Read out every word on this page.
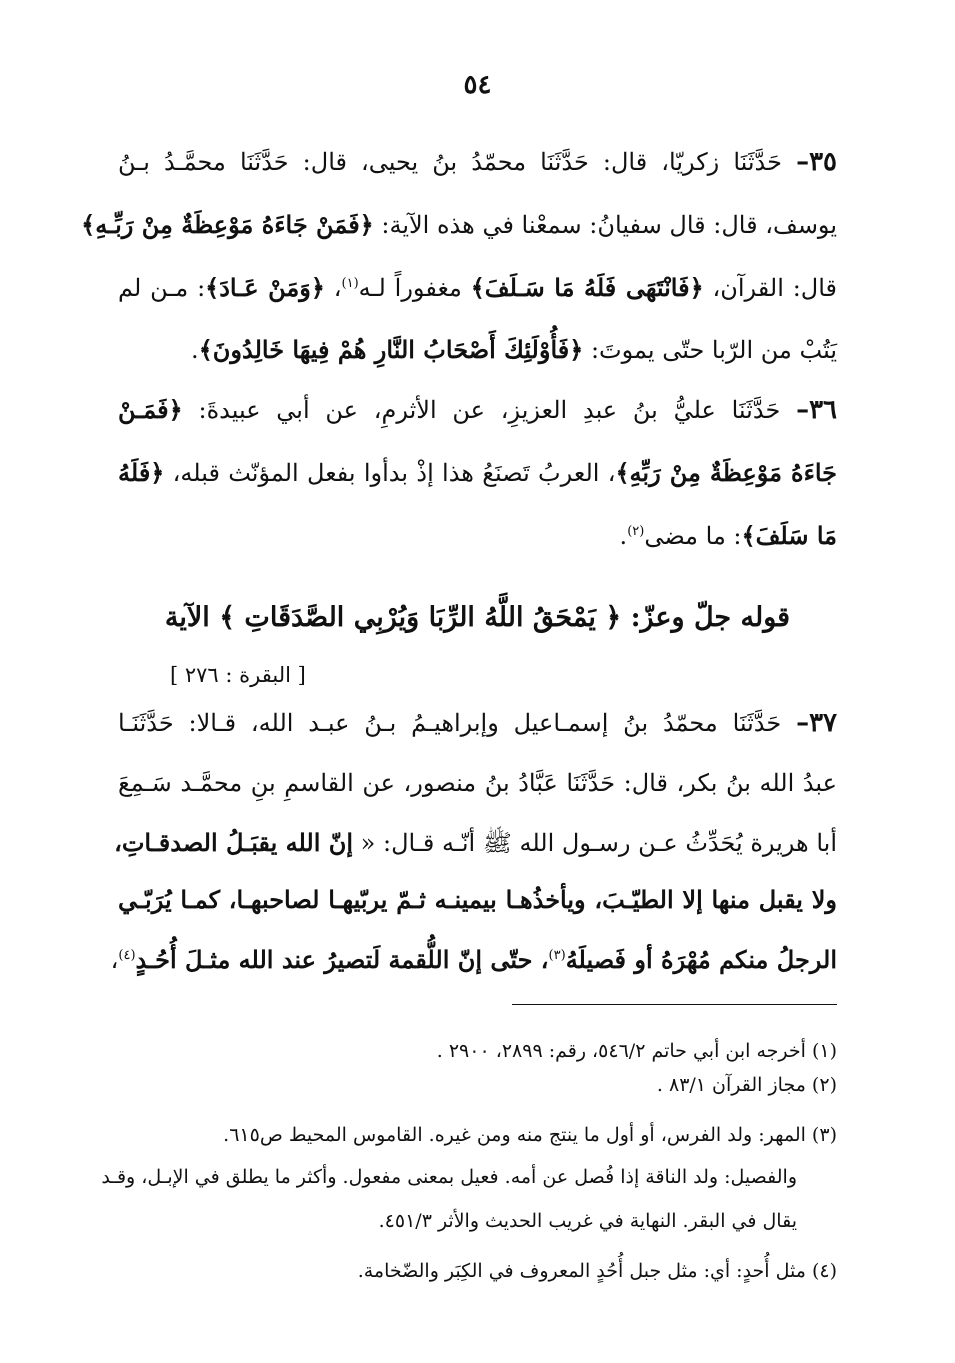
٥٤
٣٥– حَدَّثَنَا زكريّا، قال: حَدَّثَنَا محمّدُ بنُ يحيى، قال: حَدَّثَنَا محمَّـدُ بـنُ
يوسف، قال: قال سفيانُ: سمعْنا في هذه الآية: ﴿فَمَنْ جَاءَهُ مَوْعِظَةٌ مِنْ رَبِّـهِ﴾
قال: القرآن، ﴿فَانْتَهَى فَلَهُ مَا سَـلَفَ﴾ مغفوراً لـه$^{(١)}$، ﴿وَمَنْ عَـادَ﴾: مـن لم
يَتُبْ من الرّبا حتّى يموتَ: ﴿فَأُوْلَئِكَ أَصْحَابُ النَّارِ هُمْ فِيهَا خَالِدُونَ﴾.
٣٦– حَدَّثَنَا عليُّ بنُ عبدِ العزيزِ، عن الأثرمِ، عن أبي عبيدةَ: ﴿فَمَـنْ
جَاءَهُ مَوْعِظَةٌ مِنْ رَبِّهِ﴾، العربُ تَصنَعُ هذا إذْ بدأوا بفعل المؤنّث قبله، ﴿فَلَهُ
مَا سَلَفَ﴾: ما مضى$^{(٢)}$.
قوله جلّ وعزّ: ﴿ يَمْحَقُ اللَّهُ الرِّبَا وَيُرْبِي الصَّدَقَاتِ ﴾ الآية
[ البقرة : ٢٧٦ ]
٣٧– حَدَّثَنَا محمّدُ بنُ إسمـاعيل وإبراهيـمُ بـنُ عبـد الله، قـالا: حَدَّثَنَـا
عبدُ الله بنُ بكر، قال: حَدَّثَنَا عَبَّادُ بنُ منصور، عن القاسمِ بنِ محمَّـد سَـمِعَ
أبا هريرة يُحَدِّثُ عـن رسـول الله ﷺ أنّـه قـال: « إنّ الله يقبَـلُ الصدقـاتِ،
ولا يقبل منها إلا الطيّـبَ، ويأخذُهـا بيمينـه ثـمّ يربّيهـا لصاحبهـا، كمـا يُرَبّـي
الرجلُ منكم مُهْرَهُ أو فَصيلَهُ$^{(٣)}$، حتّى إنّ اللُّقمة لَتصيرُ عند الله مثـلَ أُحُـدٍ$^{(٤)}$،
(١) أخرجه ابن أبي حاتم ٥٤٦/٢، رقم: ٢٨٩٩، ٢٩٠٠ .
(٢) مجاز القرآن ٨٣/١ .
(٣) المهر: ولد الفرس، أو أول ما ينتج منه ومن غيره. القاموس المحيط ص٦١٥.
والفصيل: ولد الناقة إذا فُصل عن أمه. فعيل بمعنى مفعول. وأكثر ما يطلق في الإبـل، وقـد
يقال في البقر. النهاية في غريب الحديث والأثر ٤٥١/٣.
(٤) مثل أُحدٍ: أي: مثل جبل أُحُدٍ المعروف في الكِبَر والضّخامة.
